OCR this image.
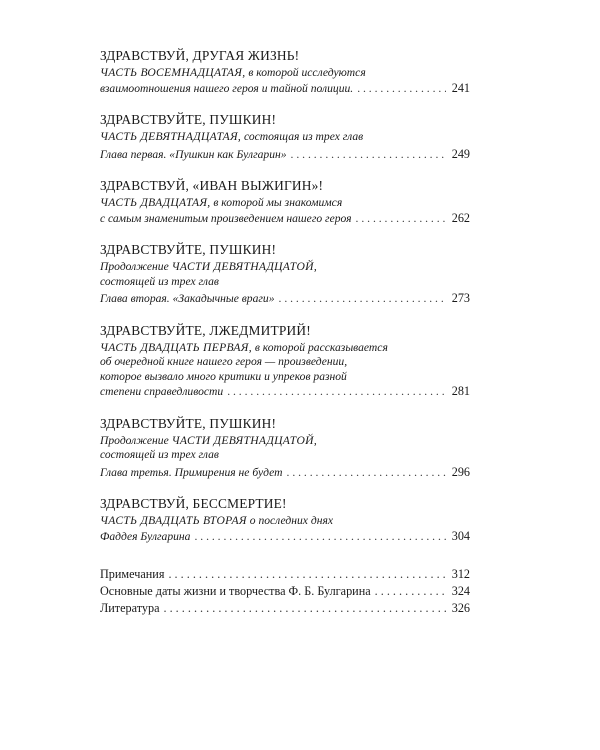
ЗДРАВСТВУЙ, ДРУГАЯ ЖИЗНЬ!
ЧАСТЬ ВОСЕМНАДЦАТАЯ, в которой исследуются
взаимоотношения нашего героя и тайной полиции. . . .	241
ЗДРАВСТВУЙТЕ, ПУШКИН!
ЧАСТЬ ДЕВЯТНАДЦАТАЯ, состоящая из трех глав
Глава первая. «Пушкин как Булгарин» . . .	249
ЗДРАВСТВУЙ, «ИВАН ВЫЖИГИН»!
ЧАСТЬ ДВАДЦАТАЯ, в которой мы знакомимся
с самым знаменитым произведением нашего героя . . .	262
ЗДРАВСТВУЙТЕ, ПУШКИН!
Продолжение ЧАСТИ ДЕВЯТНАДЦАТОЙ,
состоящей из трех глав
Глава вторая. «Закадычные враги» . . .	273
ЗДРАВСТВУЙТЕ, ЛЖЕДМИТРИЙ!
ЧАСТЬ ДВАДЦАТЬ ПЕРВАЯ, в которой рассказывается
об очередной книге нашего героя — произведении,
которое вызвало много критики и упреков разной
степени справедливости . . .	281
ЗДРАВСТВУЙТЕ, ПУШКИН!
Продолжение ЧАСТИ ДЕВЯТНАДЦАТОЙ,
состоящей из трех глав
Глава третья. Примирения не будет . . .	296
ЗДРАВСТВУЙ, БЕССМЕРТИЕ!
ЧАСТЬ ДВАДЦАТЬ ВТОРАЯ о последних днях
Фаддея Булгарина . . .	304
Примечания . . .	312
Основные даты жизни и творчества Ф. Б. Булгарина . . .	324
Литература . . .	326
